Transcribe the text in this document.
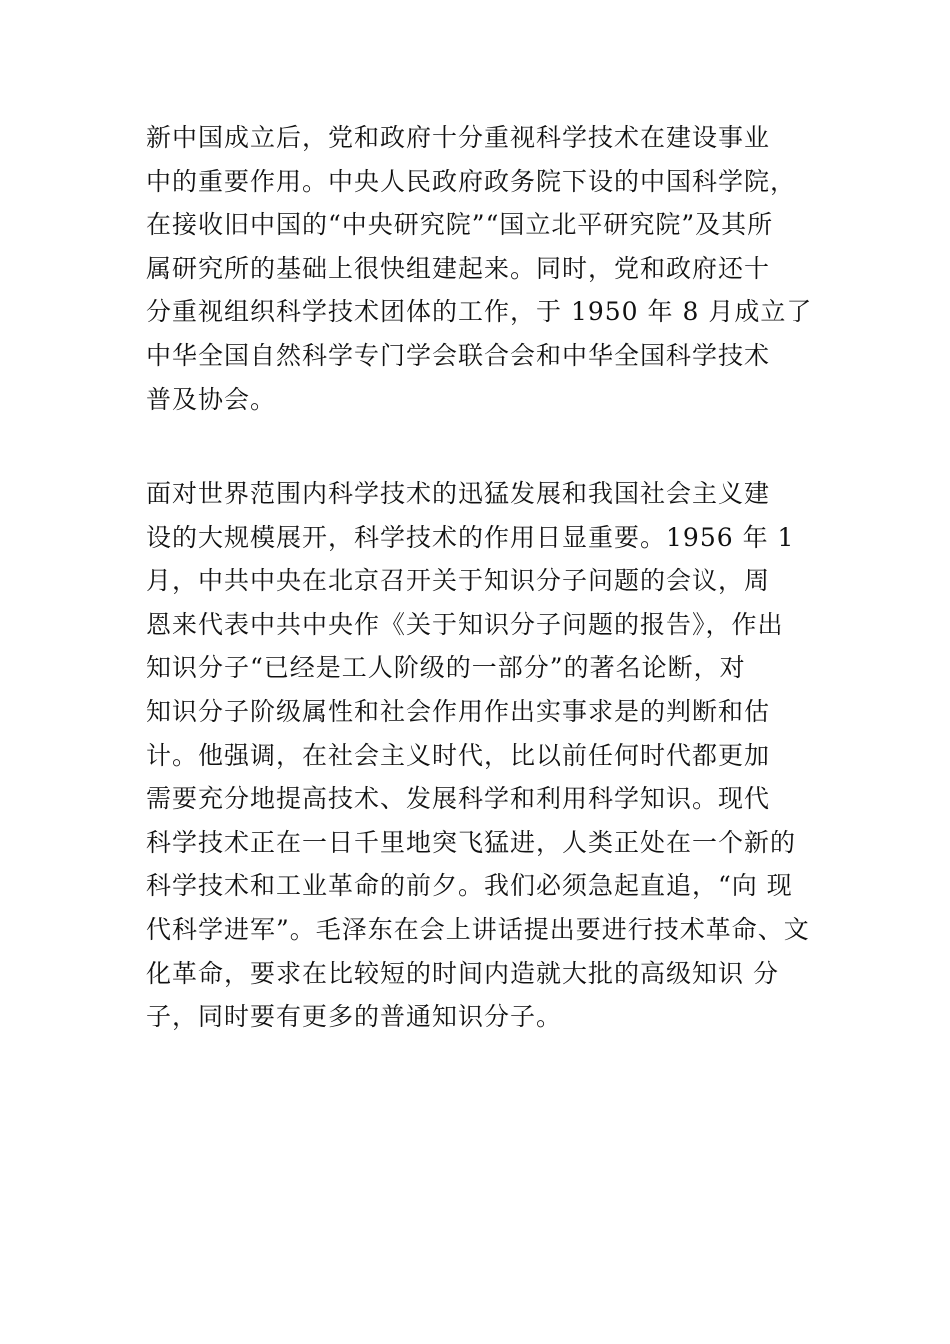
新中国成立后，党和政府十分重视科学技术在建设事业
中的重要作用。中央人民政府政务院下设的中国科学院，
在接收旧中国的“中央研究院”“国立北平研究院”及其所
属研究所的基础上很快组建起来。同时，党和政府还十
分重视组织科学技术团体的工作，于 1950 年 8 月成立了
中华全国自然科学专门学会联合会和中华全国科学技术
普及协会。

面对世界范围内科学技术的迅猛发展和我国社会主义建
设的大规模展开，科学技术的作用日显重要。1956 年 1
月，中共中央在北京召开关于知识分子问题的会议，周
恩来代表中共中央作《关于知识分子问题的报告》，作出
知识分子“已经是工人阶级的一部分”的著名论断，对
知识分子阶级属性和社会作用作出实事求是的判断和估
计。他强调，在社会主义时代，比以前任何时代都更加
需要充分地提高技术、发展科学和利用科学知识。现代
科学技术正在一日千里地突飞猛进，人类正处在一个新的
科学技术和工业革命的前夕。我们必须急起直追，“向 现
代科学进军”。毛泽东在会上讲话提出要进行技术革命、文
化革命，要求在比较短的时间内造就大批的高级知识 分
子，同时要有更多的普通知识分子。
